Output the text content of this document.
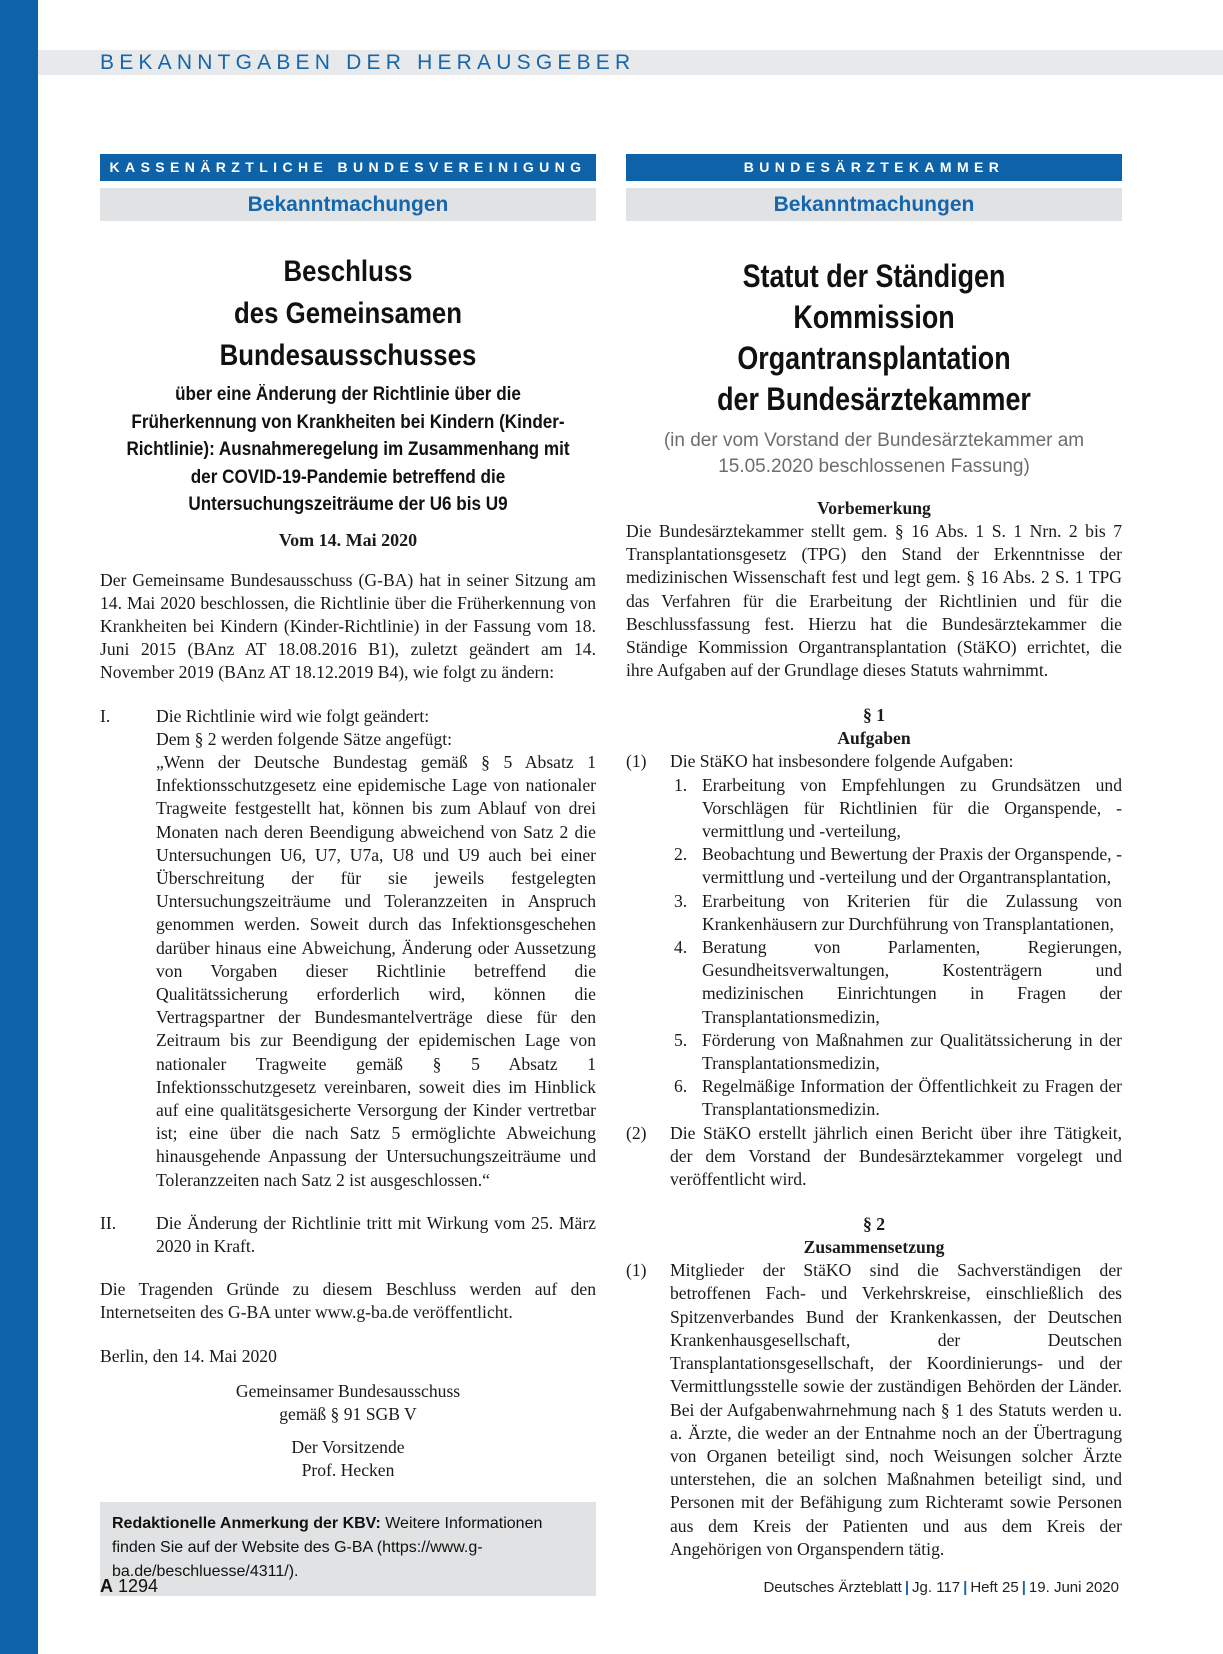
BEKANNTGABEN DER HERAUSGEBER
KASSENÄRZTLICHE BUNDESVEREINIGUNG
Bekanntmachungen
Beschluss
des Gemeinsamen Bundesausschusses
über eine Änderung der Richtlinie über die Früherkennung von Krankheiten bei Kindern (Kinder-Richtlinie): Ausnahmeregelung im Zusammenhang mit der COVID-19-Pandemie betreffend die Untersuchungszeiträume der U6 bis U9
Vom 14. Mai 2020
Der Gemeinsame Bundesausschuss (G-BA) hat in seiner Sitzung am 14. Mai 2020 beschlossen, die Richtlinie über die Früherkennung von Krankheiten bei Kindern (Kinder-Richtlinie) in der Fassung vom 18. Juni 2015 (BAnz AT 18.08.2016 B1), zuletzt geändert am 14. November 2019 (BAnz AT 18.12.2019 B4), wie folgt zu ändern:
I.	Die Richtlinie wird wie folgt geändert:
Dem § 2 werden folgende Sätze angefügt:
„Wenn der Deutsche Bundestag gemäß § 5 Absatz 1 Infektionsschutzgesetz eine epidemische Lage von nationaler Tragweite festgestellt hat, können bis zum Ablauf von drei Monaten nach deren Beendigung abweichend von Satz 2 die Untersuchungen U6, U7, U7a, U8 und U9 auch bei einer Überschreitung der für sie jeweils festgelegten Untersuchungszeiträume und Toleranzzeiten in Anspruch genommen werden. Soweit durch das Infektionsgeschehen darüber hinaus eine Abweichung, Änderung oder Aussetzung von Vorgaben dieser Richtlinie betreffend die Qualitätssicherung erforderlich wird, können die Vertragspartner der Bundesmantelverträge diese für den Zeitraum bis zur Beendigung der epidemischen Lage von nationaler Tragweite gemäß § 5 Absatz 1 Infektionsschutzgesetz vereinbaren, soweit dies im Hinblick auf eine qualitätsgesicherte Versorgung der Kinder vertretbar ist; eine über die nach Satz 5 ermöglichte Abweichung hinausgehende Anpassung der Untersuchungszeiträume und Toleranzzeiten nach Satz 2 ist ausgeschlossen.“
II. Die Änderung der Richtlinie tritt mit Wirkung vom 25. März 2020 in Kraft.
Die Tragenden Gründe zu diesem Beschluss werden auf den Internetseiten des G-BA unter www.g-ba.de veröffentlicht.
Berlin, den 14. Mai 2020
Gemeinsamer Bundesausschuss
gemäß § 91 SGB V
Der Vorsitzende
Prof. Hecken
Redaktionelle Anmerkung der KBV: Weitere Informationen finden Sie auf der Website des G-BA (https://www.g-ba.de/beschluesse/4311/).
BUNDESÄRZTEKAMMER
Bekanntmachungen
Statut der Ständigen Kommission
Organtransplantation
der Bundesärztekammer
(in der vom Vorstand der Bundesärztekammer am 15.05.2020 beschlossenen Fassung)
Vorbemerkung
Die Bundesärztekammer stellt gem. § 16 Abs. 1 S. 1 Nrn. 2 bis 7 Transplantationsgesetz (TPG) den Stand der Erkenntnisse der medizinischen Wissenschaft fest und legt gem. § 16 Abs. 2 S. 1 TPG das Verfahren für die Erarbeitung der Richtlinien und für die Beschlussfassung fest. Hierzu hat die Bundesärztekammer die Ständige Kommission Organtransplantation (StäKO) errichtet, die ihre Aufgaben auf der Grundlage dieses Statuts wahrnimmt.
§ 1
Aufgaben
(1) Die StäKO hat insbesondere folgende Aufgaben:
1. Erarbeitung von Empfehlungen zu Grundsätzen und Vorschlägen für Richtlinien für die Organspende, -vermittlung und -verteilung,
2. Beobachtung und Bewertung der Praxis der Organspende, -vermittlung und -verteilung und der Organtransplantation,
3. Erarbeitung von Kriterien für die Zulassung von Krankenhäusern zur Durchführung von Transplantationen,
4. Beratung von Parlamenten, Regierungen, Gesundheitsverwaltungen, Kostenträgern und medizinischen Einrichtungen in Fragen der Transplantationsmedizin,
5. Förderung von Maßnahmen zur Qualitätssicherung in der Transplantationsmedizin,
6. Regelmäßige Information der Öffentlichkeit zu Fragen der Transplantationsmedizin.
(2) Die StäKO erstellt jährlich einen Bericht über ihre Tätigkeit, der dem Vorstand der Bundesärztekammer vorgelegt und veröffentlicht wird.
§ 2
Zusammensetzung
(1) Mitglieder der StäKO sind die Sachverständigen der betroffenen Fach- und Verkehrskreise, einschließlich des Spitzenverbandes Bund der Krankenkassen, der Deutschen Krankenhausgesellschaft, der Deutschen Transplantationsgesellschaft, der Koordinierungs- und der Vermittlungsstelle sowie der zuständigen Behörden der Länder. Bei der Aufgabenwahrnehmung nach § 1 des Statuts werden u. a. Ärzte, die weder an der Entnahme noch an der Übertragung von Organen beteiligt sind, noch Weisungen solcher Ärzte unterstehen, die an solchen Maßnahmen beteiligt sind, und Personen mit der Befähigung zum Richteramt sowie Personen aus dem Kreis der Patienten und aus dem Kreis der Angehörigen von Organspendern tätig.
A 1294	Deutsches Ärzteblatt | Jg. 117 | Heft 25 | 19. Juni 2020
